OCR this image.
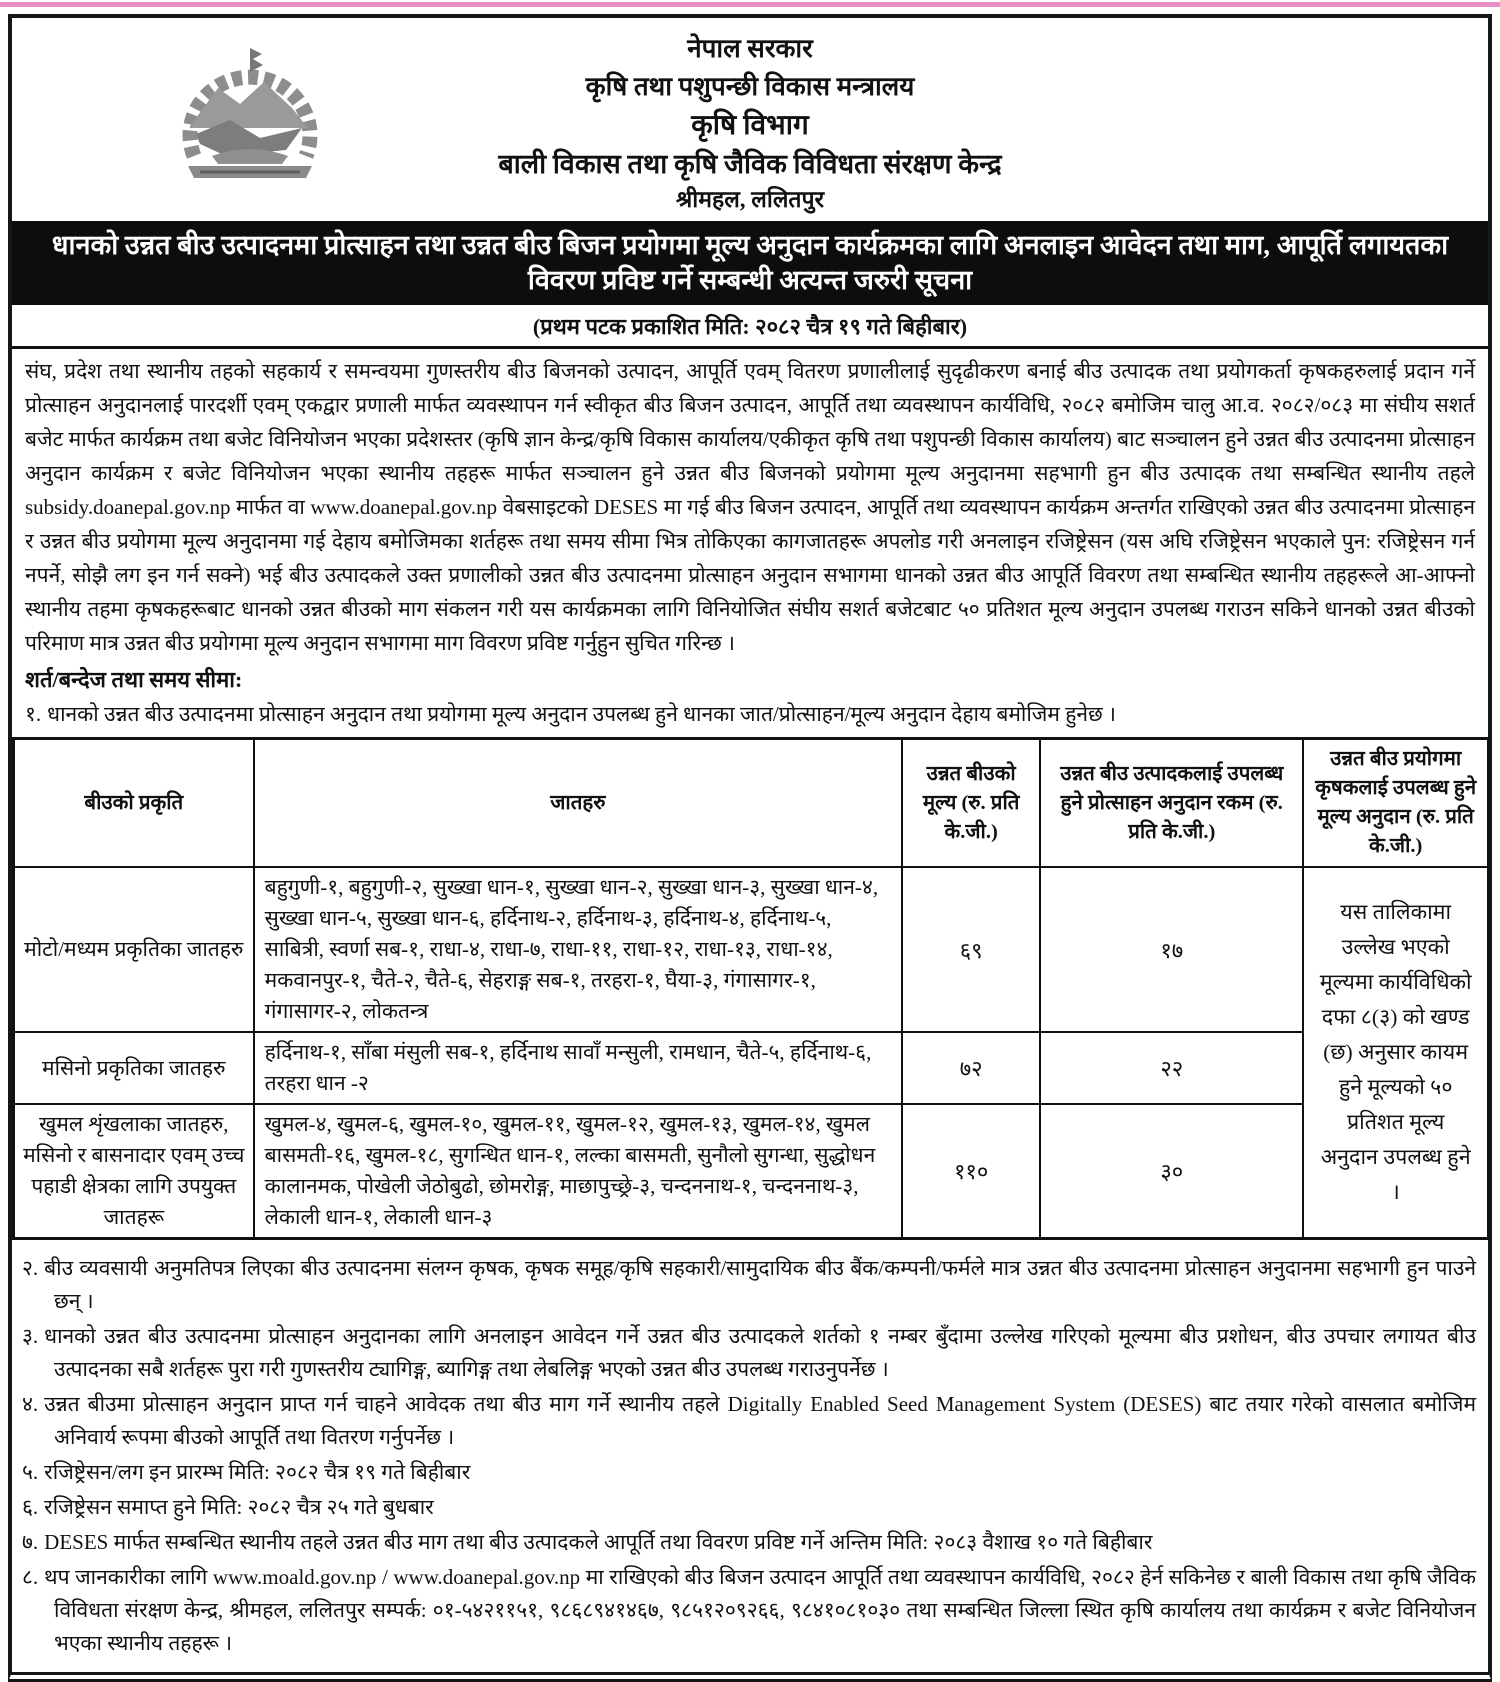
नेपाल सरकार
कृषि तथा पशुपन्छी विकास मन्त्रालय
कृषि विभाग
बाली विकास तथा कृषि जैविक विविधता संरक्षण केन्द्र
श्रीमहल, ललितपुर
धानको उन्नत बीउ उत्पादनमा प्रोत्साहन तथा उन्नत बीउ बिजन प्रयोगमा मूल्य अनुदान कार्यक्रमका लागि अनलाइन आवेदन तथा माग, आपूर्ति लगायतका विवरण प्रविष्ट गर्ने सम्बन्धी अत्यन्त जरुरी सूचना
(प्रथम पटक प्रकाशित मिति: २०८२ चैत्र १९ गते बिहीबार)
संघ, प्रदेश तथा स्थानीय तहको सहकार्य र समन्वयमा गुणस्तरीय बीउ बिजनको उत्पादन, आपूर्ति एवम् वितरण प्रणालीलाई सुदृढीकरण बनाई बीउ उत्पादक तथा प्रयोगकर्ता कृषकहरुलाई प्रदान गर्ने प्रोत्साहन अनुदानलाई पारदर्शी एवम् एकद्वार प्रणाली मार्फत व्यवस्थापन गर्न स्वीकृत बीउ बिजन उत्पादन, आपूर्ति तथा व्यवस्थापन कार्यविधि, २०८२ बमोजिम चालु आ.व. २०८२/०८३ मा संघीय सशर्त बजेट मार्फत कार्यक्रम तथा बजेट विनियोजन भएका प्रदेशस्तर (कृषि ज्ञान केन्द्र/कृषि विकास कार्यालय/एकीकृत कृषि तथा पशुपन्छी विकास कार्यालय) बाट सञ्चालन हुने उन्नत बीउ उत्पादनमा प्रोत्साहन अनुदान कार्यक्रम र बजेट विनियोजन भएका स्थानीय तहहरू मार्फत सञ्चालन हुने उन्नत बीउ बिजनको प्रयोगमा मूल्य अनुदानमा सहभागी हुन बीउ उत्पादक तथा सम्बन्धित स्थानीय तहले subsidy.doanepal.gov.np मार्फत वा www.doanepal.gov.np वेबसाइटको DESES मा गई बीउ बिजन उत्पादन, आपूर्ति तथा व्यवस्थापन कार्यक्रम अन्तर्गत राखिएको उन्नत बीउ उत्पादनमा प्रोत्साहन र उन्नत बीउ प्रयोगमा मूल्य अनुदानमा गई देहाय बमोजिमका शर्तहरू तथा समय सीमा भित्र तोकिएका कागजातहरू अपलोड गरी अनलाइन रजिष्ट्रेसन (यस अघि रजिष्ट्रेसन भएकाले पुन: रजिष्ट्रेसन गर्न नपर्ने, सोझै लग इन गर्न सक्ने) भई बीउ उत्पादकले उक्त प्रणालीको उन्नत बीउ उत्पादनमा प्रोत्साहन अनुदान सभागमा धानको उन्नत बीउ आपूर्ति विवरण तथा सम्बन्धित स्थानीय तहहरूले आ-आफ्नो स्थानीय तहमा कृषकहरूबाट धानको उन्नत बीउको माग संकलन गरी यस कार्यक्रमका लागि विनियोजित संघीय सशर्त बजेटबाट ५० प्रतिशत मूल्य अनुदान उपलब्ध गराउन सकिने धानको उन्नत बीउको परिमाण मात्र उन्नत बीउ प्रयोगमा मूल्य अनुदान सभागमा माग विवरण प्रविष्ट गर्नुहुन सुचित गरिन्छ ।
शर्त/बन्देज तथा समय सीमा:
१. धानको उन्नत बीउ उत्पादनमा प्रोत्साहन अनुदान तथा प्रयोगमा मूल्य अनुदान उपलब्ध हुने धानका जात/प्रोत्साहन/मूल्य अनुदान देहाय बमोजिम हुनेछ ।
बीउको प्रकृति	जातहरु	उन्नत बीउको मूल्य (रु. प्रति के.जी.)	उन्नत बीउ उत्पादकलाई उपलब्ध हुने प्रोत्साहन अनुदान रकम (रु. प्रति के.जी.)	उन्नत बीउ प्रयोगमा कृषकलाई उपलब्ध हुने मूल्य अनुदान (रु. प्रति के.जी.)
मोटो/मध्यम प्रकृतिका जातहरु	बहुगुणी-१, बहुगुणी-२, सुख्खा धान-१, सुख्खा धान-२, सुख्खा धान-३, सुख्खा धान-४, सुख्खा धान-५, सुख्खा धान-६, हर्दिनाथ-२, हर्दिनाथ-३, हर्दिनाथ-४, हर्दिनाथ-५, साबित्री, स्वर्णा सब-१, राधा-४, राधा-७, राधा-११, राधा-१२, राधा-१३, राधा-१४, मकवानपुर-१, चैते-२, चैते-६, सेहराङ्ग सब-१, तरहरा-१, घैया-३, गंगासागर-१, गंगासागर-२, लोकतन्त्र	६९	१७	यस तालिकामा उल्लेख भएको मूल्यमा कार्यविधिको दफा ८(३) को खण्ड (छ) अनुसार कायम हुने मूल्यको ५० प्रतिशत मूल्य अनुदान उपलब्ध हुने ।
मसिनो प्रकृतिका जातहरु	हर्दिनाथ-१, साँबा मंसुली सब-१, हर्दिनाथ सावाँ मन्सुली, रामधान, चैते-५, हर्दिनाथ-६, तरहरा धान -२	७२	२२	
खुमल शृंखलाका जातहरु, मसिनो र बासनादार एवम् उच्च पहाडी क्षेत्रका लागि उपयुक्त जातहरू	खुमल-४, खुमल-६, खुमल-१०, खुमल-११, खुमल-१२, खुमल-१३, खुमल-१४, खुमल बासमती-१६, खुमल-१८, सुगन्धित धान-१, लल्का बासमती, सुनौलो सुगन्धा, सुद्धोधन कालानमक, पोखेली जेठोबुढो, छोमरोङ्ग, माछापुच्छ्रे-३, चन्दननाथ-१, चन्दननाथ-३, लेकाली धान-१, लेकाली धान-३	११०	३०	
२. बीउ व्यवसायी अनुमतिपत्र लिएका बीउ उत्पादनमा संलग्न कृषक, कृषक समूह/कृषि सहकारी/सामुदायिक बीउ बैंक/कम्पनी/फर्मले मात्र उन्नत बीउ उत्पादनमा प्रोत्साहन अनुदानमा सहभागी हुन पाउने छन् ।
३. धानको उन्नत बीउ उत्पादनमा प्रोत्साहन अनुदानका लागि अनलाइन आवेदन गर्ने उन्नत बीउ उत्पादकले शर्तको १ नम्बर बुँदामा उल्लेख गरिएको मूल्यमा बीउ प्रशोधन, बीउ उपचार लगायत बीउ उत्पादनका सबै शर्तहरू पुरा गरी गुणस्तरीय ट्यागिङ्ग, ब्यागिङ्ग तथा लेबलिङ्ग भएको उन्नत बीउ उपलब्ध गराउनुपर्नेछ ।
४. उन्नत बीउमा प्रोत्साहन अनुदान प्राप्त गर्न चाहने आवेदक तथा बीउ माग गर्ने स्थानीय तहले Digitally Enabled Seed Management System (DESES) बाट तयार गरेको वासलात बमोजिम अनिवार्य रूपमा बीउको आपूर्ति तथा वितरण गर्नुपर्नेछ ।
५. रजिष्ट्रेसन/लग इन प्रारम्भ मिति: २०८२ चैत्र १९ गते बिहीबार
६. रजिष्ट्रेसन समाप्त हुने मिति: २०८२ चैत्र २५ गते बुधबार
७. DESES मार्फत सम्बन्धित स्थानीय तहले उन्नत बीउ माग तथा बीउ उत्पादकले आपूर्ति तथा विवरण प्रविष्ट गर्ने अन्तिम मिति: २०८३ वैशाख १० गते बिहीबार
८. थप जानकारीका लागि www.moald.gov.np / www.doanepal.gov.np मा राखिएको बीउ बिजन उत्पादन आपूर्ति तथा व्यवस्थापन कार्यविधि, २०८२ हेर्न सकिनेछ र बाली विकास तथा कृषि जैविक विविधता संरक्षण केन्द्र, श्रीमहल, ललितपुर सम्पर्क: ०१-५४२११५१, ९८६८९४१४६७, ९८५१२०९२६६, ९८४१०८१०३० तथा सम्बन्धित जिल्ला स्थित कृषि कार्यालय तथा कार्यक्रम र बजेट विनियोजन भएका स्थानीय तहहरू ।
